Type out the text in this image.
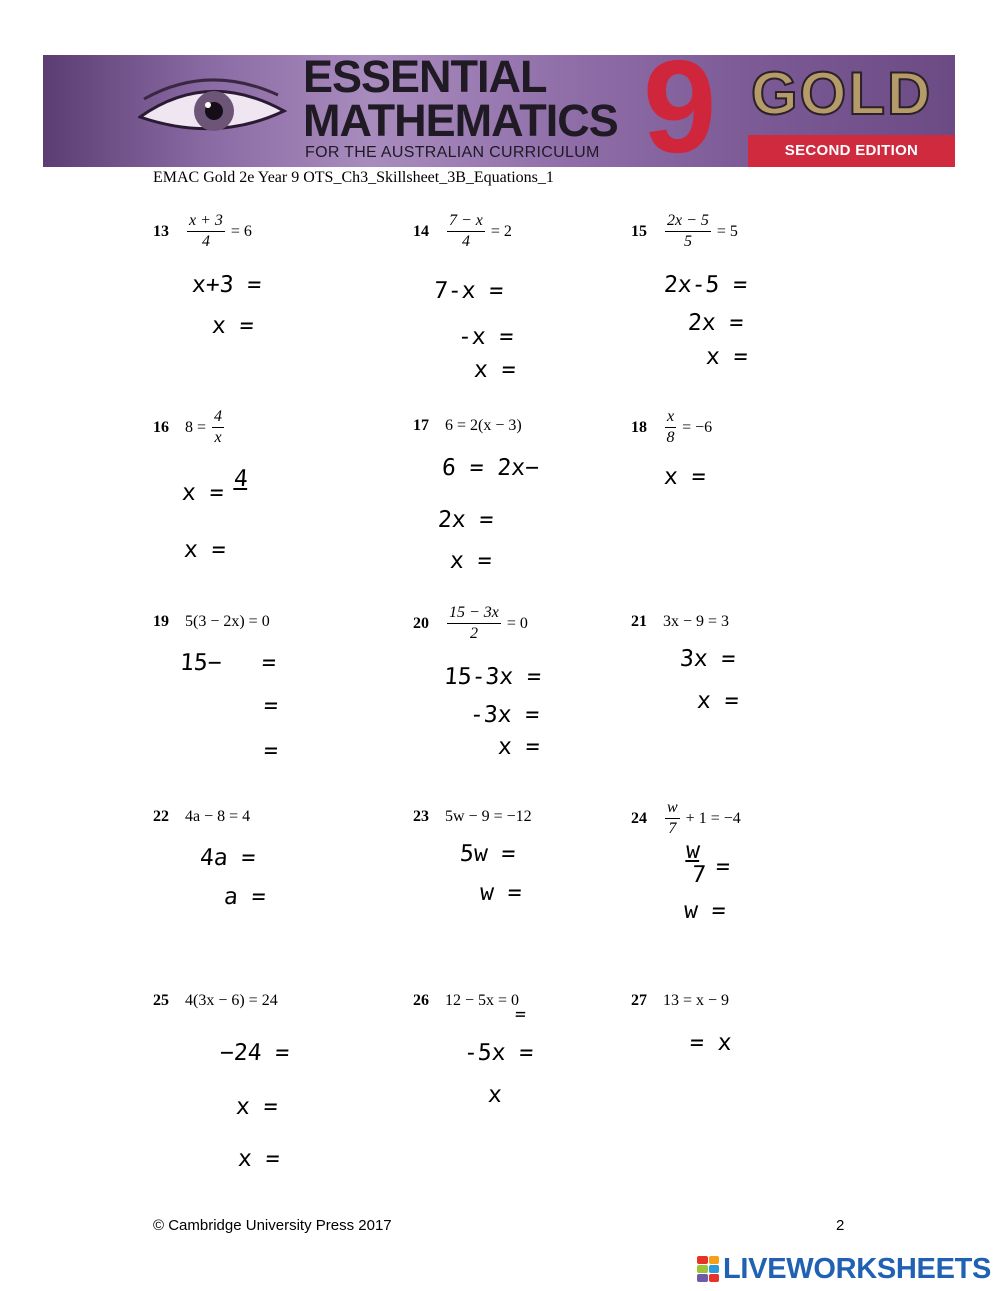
ESSENTIAL
MATHEMATICS
FOR THE AUSTRALIAN CURRICULUM 9 GOLD
SECOND EDITION
EMAC Gold 2e Year 9 OTS_Ch3_Skillsheet_3B_Equations_1
$13 \frac{x + 3}{4} = 6$
x+3 =
x =
$14 \frac{7 - x}{4} = 2$
7-x =
-x =
x =
$15 \frac{2x - 5}{5} = 5$
2x-5 =
2x =
x =
16 $8 = \frac{4}{x}$
x =
4
x =
17 6 = 2(x − 3)
6 = 2x−
2x =
x =
$18 \frac{x}{8} = -6$
x =
19 5(3 − 2x) = 0
15− =
=
=
$20 \frac{15 - 3x}{2} = 0$
15-3x =
-3x =
x =
21 3x − 9 = 3
3x =
x =
22 4a − 8 = 4
4a =
a =
23 5w − 9 = −12
5w =
w =
$24 \frac{w}{7} + 1 = -4$
w
7 =
w =
25 4(3x − 6) = 24
−24 =
x =
x =
26 12 − 5x = 0
=
-5x =
x
27 13 = x − 9
= x
© Cambridge University Press 2017	2
LIVEWORKSHEETS
